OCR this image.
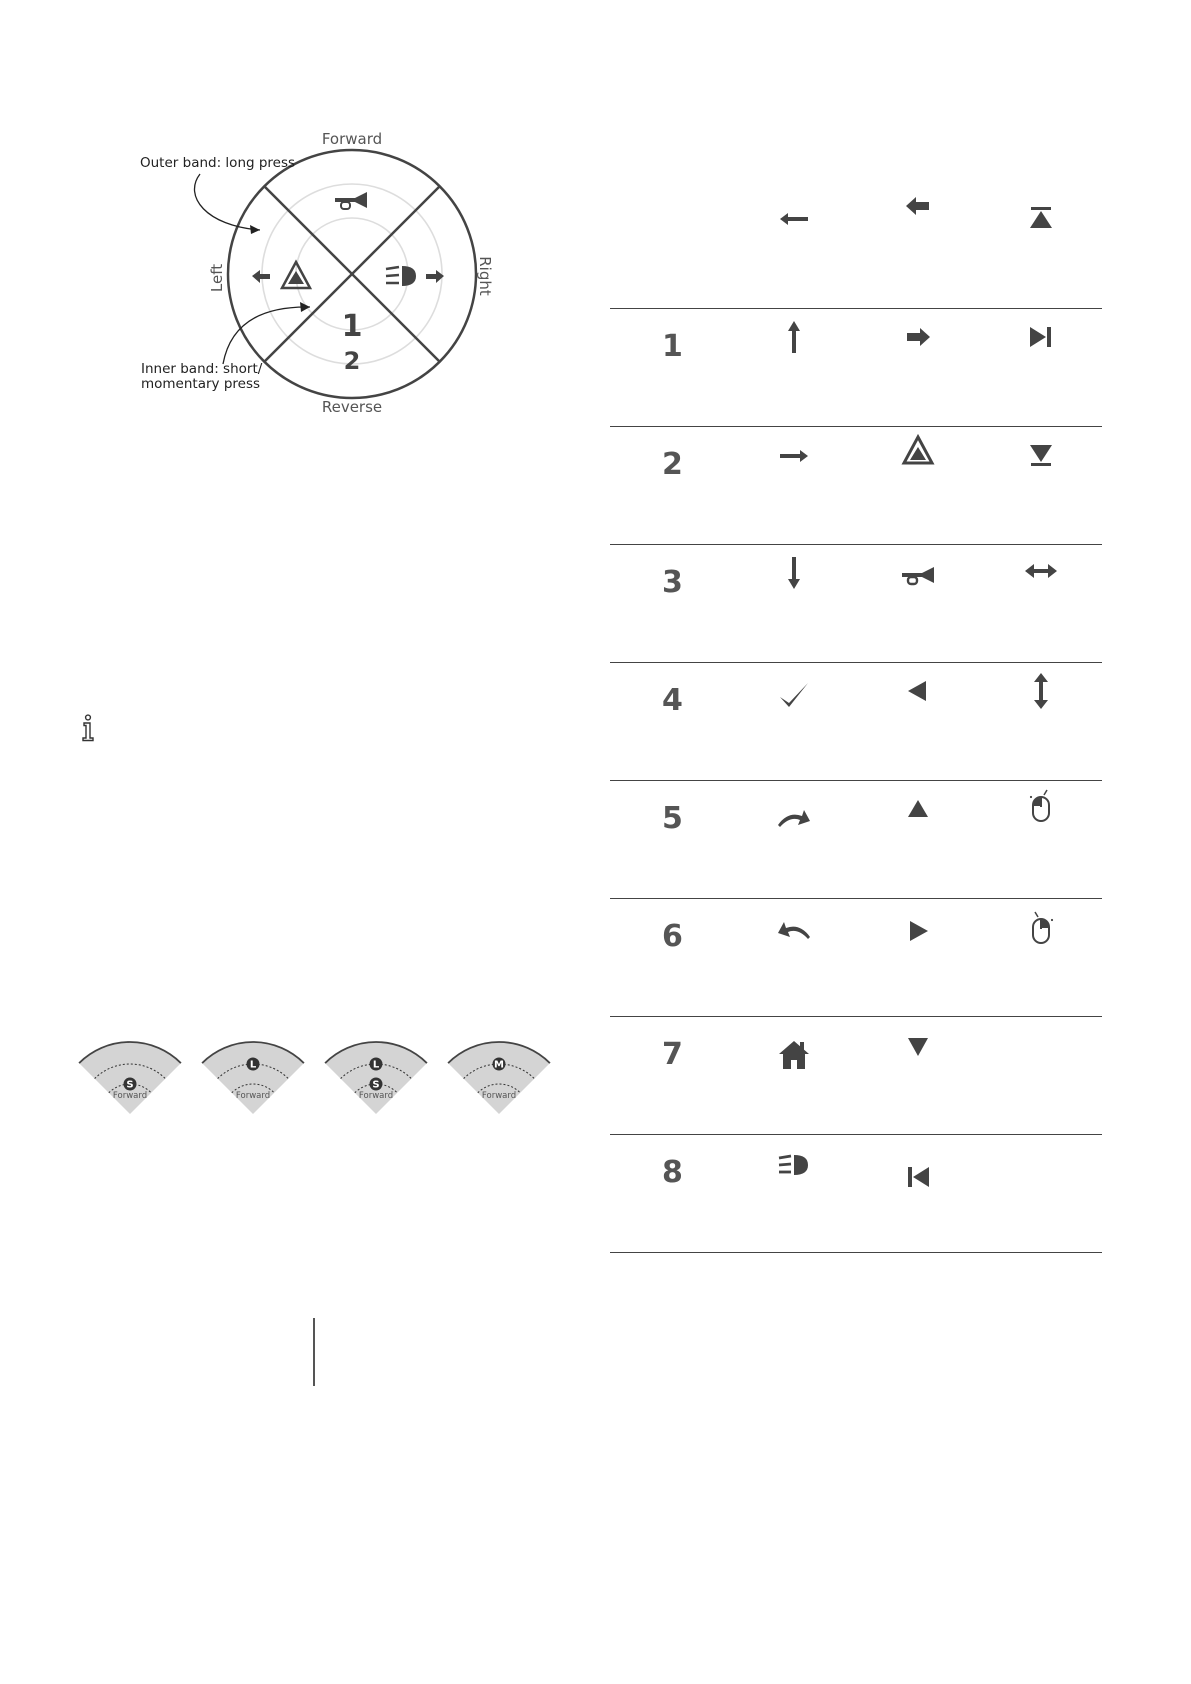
Forward
Reverse
Left	Right
Outer band: long press
Inner band: short/
momentary press
1
2
S
Forward
L
Forward
L
S
Forward
M
Forward
1
2
3
4
5
6
7
8
